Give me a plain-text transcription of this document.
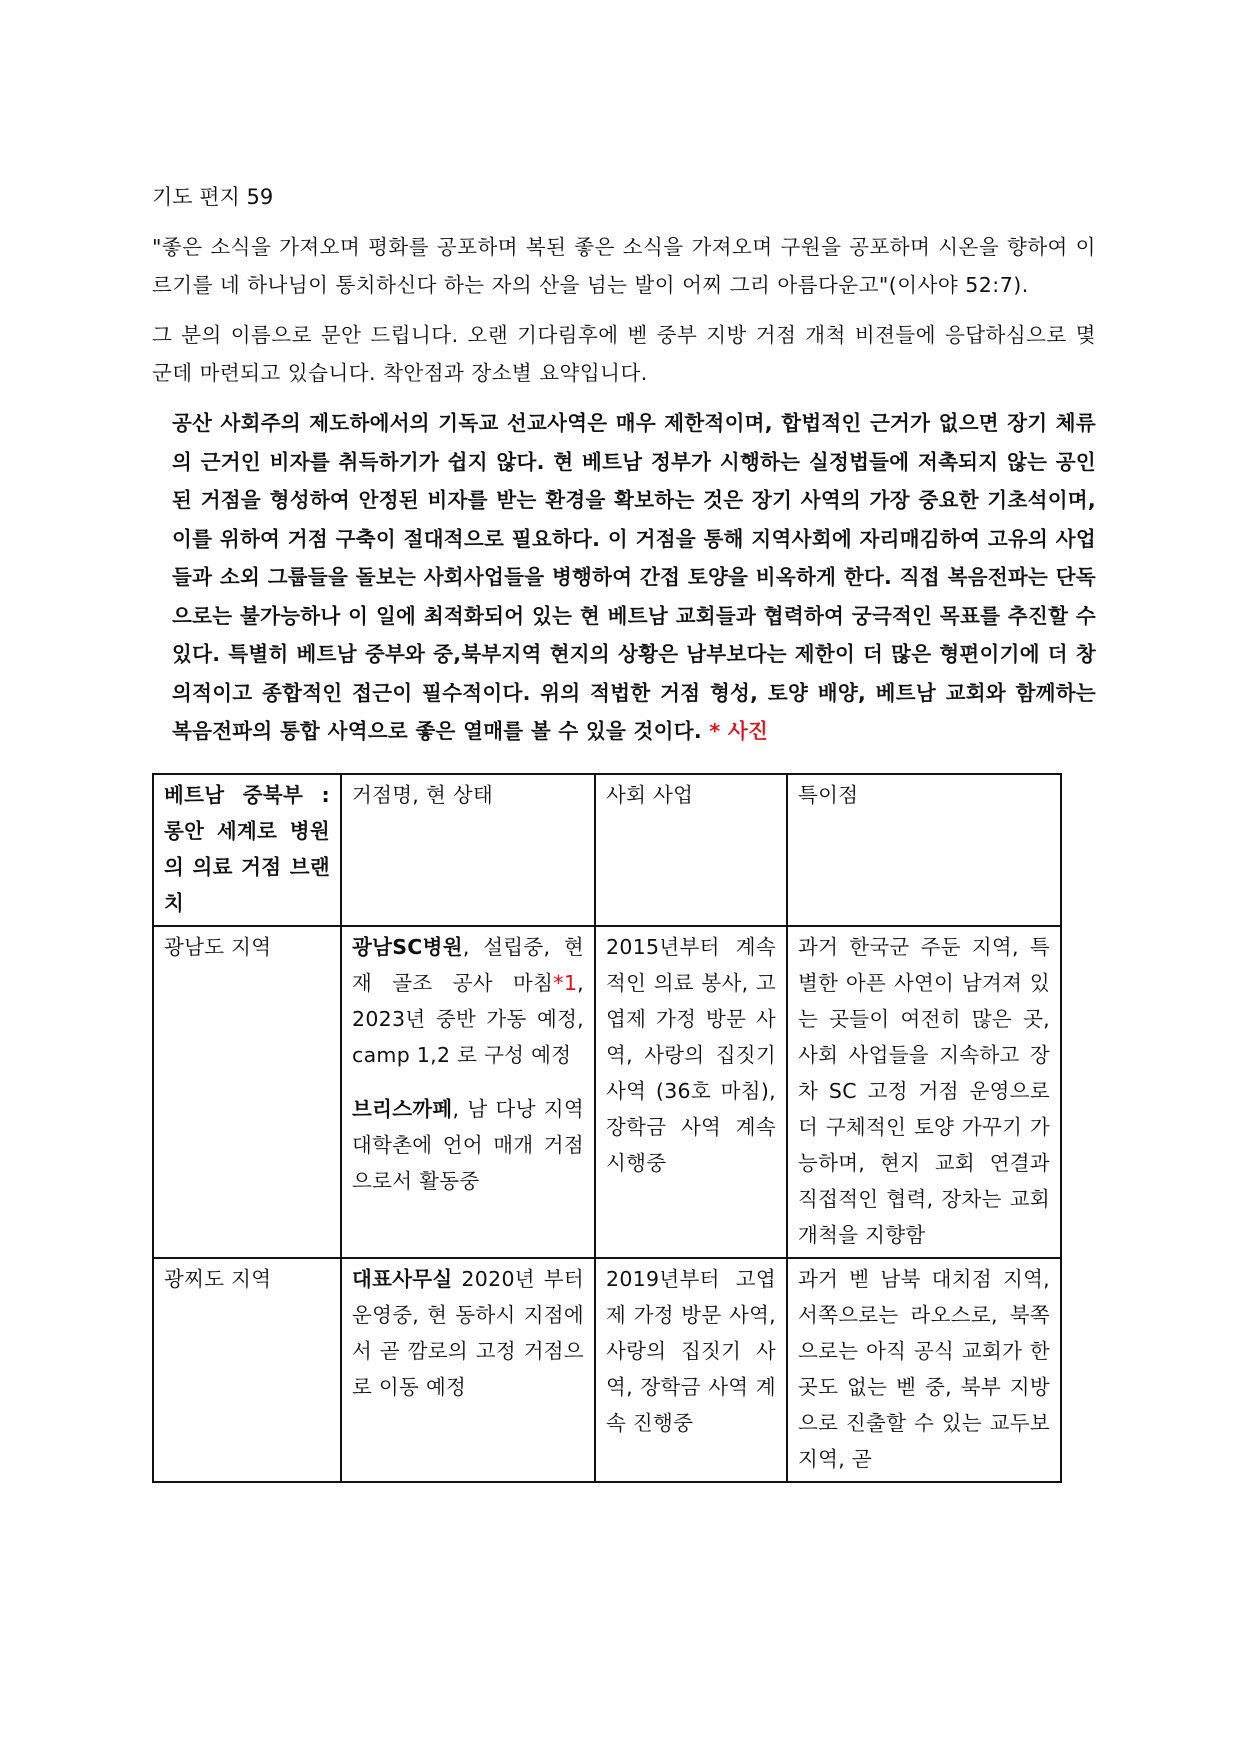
기도 편지 59

"좋은 소식을 가져오며 평화를 공포하며 복된 좋은 소식을 가져오며 구원을 공포하며 시온을 향하여 이르기를 네 하나님이 통치하신다 하는 자의 산을 넘는 발이 어찌 그리 아름다운고"(이사야 52:7).

그 분의 이름으로 문안 드립니다. 오랜 기다림후에 벧 중부 지방 거점 개척 비젼들에 응답하심으로 몇 군데 마련되고 있습니다. 착안점과 장소별 요약입니다.

공산 사회주의 제도하에서의 기독교 선교사역은 매우 제한적이며, 합법적인 근거가 없으면 장기 체류의 근거인 비자를 취득하기가 쉽지 않다. 현 베트남 정부가 시행하는 실정법들에 저촉되지 않는 공인된 거점을 형성하여 안정된 비자를 받는 환경을 확보하는 것은 장기 사역의 가장 중요한 기초석이며, 이를 위하여 거점 구축이 절대적으로 필요하다. 이 거점을 통해 지역사회에 자리매김하여 고유의 사업들과 소외 그룹들을 돌보는 사회사업들을 병행하여 간접 토양을 비옥하게 한다. 직접 복음전파는 단독으로는 불가능하나 이 일에 최적화되어 있는 현 베트남 교회들과 협력하여 궁극적인 목표를 추진할 수 있다. 특별히 베트남 중부와 중,북부지역 현지의 상황은 남부보다는 제한이 더 많은 형편이기에 더 창의적이고 종합적인 접근이 필수적이다. 위의 적법한 거점 형성, 토양 배양, 베트남 교회와 함께하는 복음전파의 통합 사역으로 좋은 열매를 볼 수 있을 것이다. * 사진

베트남 중북부 : 롱안 세계로 병원의 의료 거점 브랜치	거점명, 현 상태	사회 사업	특이점
광남도 지역	광남SC병원, 설립중, 현재 골조 공사 마침*1, 2023년 중반 가동 예정, camp 1,2 로 구성 예정
브리스까페, 남 다낭 지역 대학촌에 언어 매개 거점으로서 활동중	2015년부터 계속적인 의료 봉사, 고엽제 가정 방문 사역, 사랑의 집짓기 사역 (36호 마침), 장학금 사역 계속 시행중	과거 한국군 주둔 지역, 특별한 아픈 사연이 남겨져 있는 곳들이 여전히 많은 곳, 사회 사업들을 지속하고 장차 SC 고정 거점 운영으로 더 구체적인 토양 가꾸기 가능하며, 현지 교회 연결과 직접적인 협력, 장차는 교회 개척을 지향함
광찌도 지역	대표사무실 2020년 부터 운영중, 현 동하시 지점에서 곧 깜로의 고정 거점으로 이동 예정	2019년부터 고엽제 가정 방문 사역, 사랑의 집짓기 사역, 장학금 사역 계속 진행중	과거 벧 남북 대치점 지역, 서쪽으로는 라오스로, 북쪽으로는 아직 공식 교회가 한곳도 없는 벧 중, 북부 지방으로 진출할 수 있는 교두보 지역, 곧
